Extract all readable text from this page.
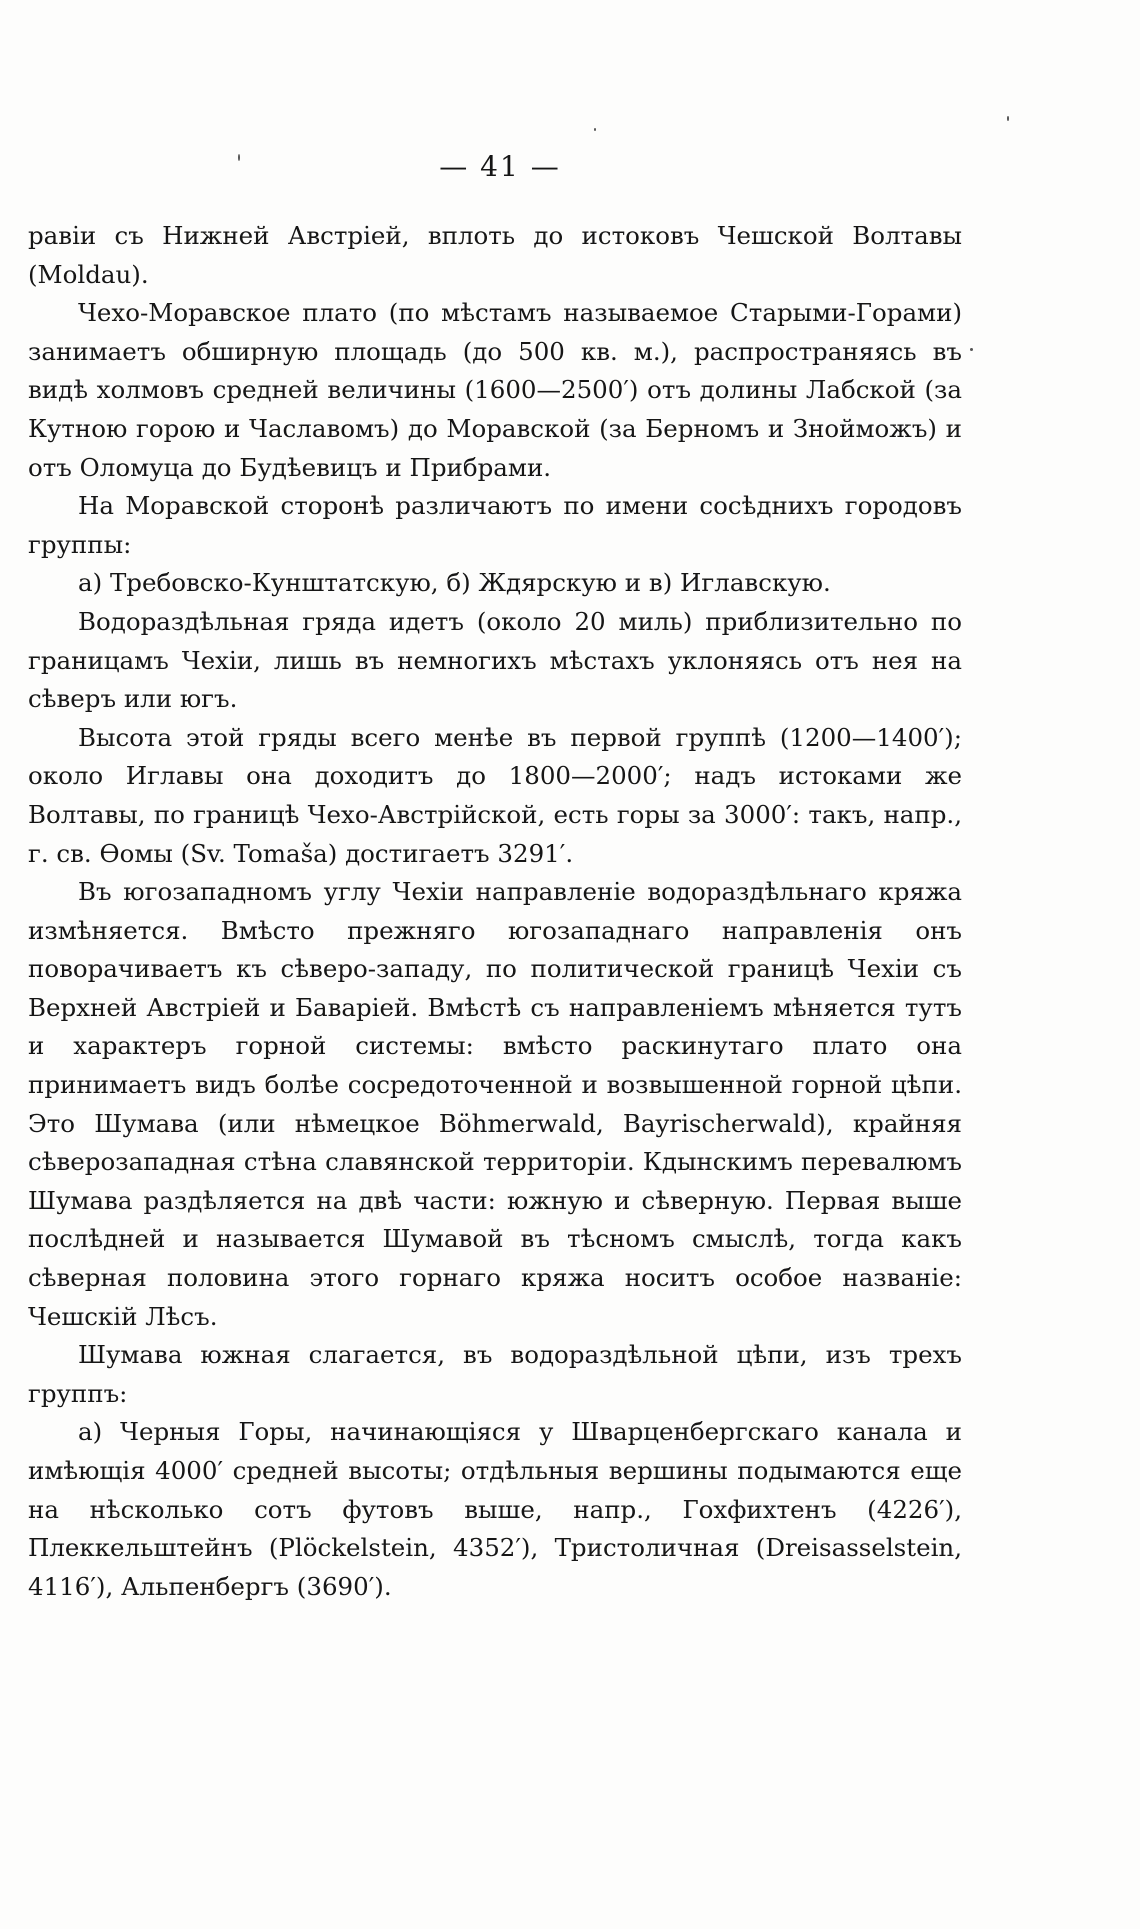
— 41 —

равіи съ Нижней Австріей, вплоть до истоковъ Чешской Волтавы (Moldau).

Чехо-Моравское плато (по мѣстамъ называемое Старыми-Горами) занимаетъ обширную площадь (до 500 кв. м.), распространяясь въ видѣ холмовъ средней величины (1600—2500′) отъ долины Лабской (за Кутною горою и Чаславомъ) до Моравской (за Берномъ и Знойможъ) и отъ Оломуца до Будѣевицъ и Прибрами.

На Моравской сторонѣ различаютъ по имени сосѣднихъ городовъ группы:

а) Требовско-Кунштатскую, б) Ждярскую и в) Иглавскую.

Водораздѣльная гряда идетъ (около 20 миль) приблизительно по границамъ Чехіи, лишь въ немногихъ мѣстахъ уклоняясь отъ нея на сѣверъ или югъ.

Высота этой гряды всего менѣе въ первой группѣ (1200—1400′); около Иглавы она доходитъ до 1800—2000′; надъ истоками же Волтавы, по границѣ Чехо-Австрійской, есть горы за 3000′: такъ, напр., г. св. Ѳомы (Sv. Tomaša) достигаетъ 3291′.

Въ югозападномъ углу Чехіи направленіе водораздѣльнаго кряжа измѣняется. Вмѣсто прежняго югозападнаго направленія онъ поворачиваетъ къ сѣверо-западу, по политической границѣ Чехіи съ Верхней Австріей и Баваріей. Вмѣстѣ съ направленіемъ мѣняется тутъ и характеръ горной системы: вмѣсто раскинутаго плато она принимаетъ видъ болѣе сосредоточенной и возвышенной горной цѣпи. Это Шумава (или нѣмецкое Böhmerwald, Bayrischerwald), крайняя сѣверозападная стѣна славянской территоріи. Кдынскимъ перевалюмъ Шумава раздѣляется на двѣ части: южную и сѣверную. Первая выше послѣдней и называется Шумавой въ тѣсномъ смыслѣ, тогда какъ сѣверная половина этого горнаго кряжа носитъ особое названіе: Чешскій Лѣсъ.

Шумава южная слагается, въ водораздѣльной цѣпи, изъ трехъ группъ:

а) Черныя Горы, начинающіяся у Шварценбергскаго канала и имѣющія 4000′ средней высоты; отдѣльныя вершины подымаются еще на нѣсколько сотъ футовъ выше, напр., Гохфихтенъ (4226′), Плеккельштейнъ (Plöckelstein, 4352′), Тристоличная (Dreisasselstein, 4116′), Альпенбергъ (3690′).
